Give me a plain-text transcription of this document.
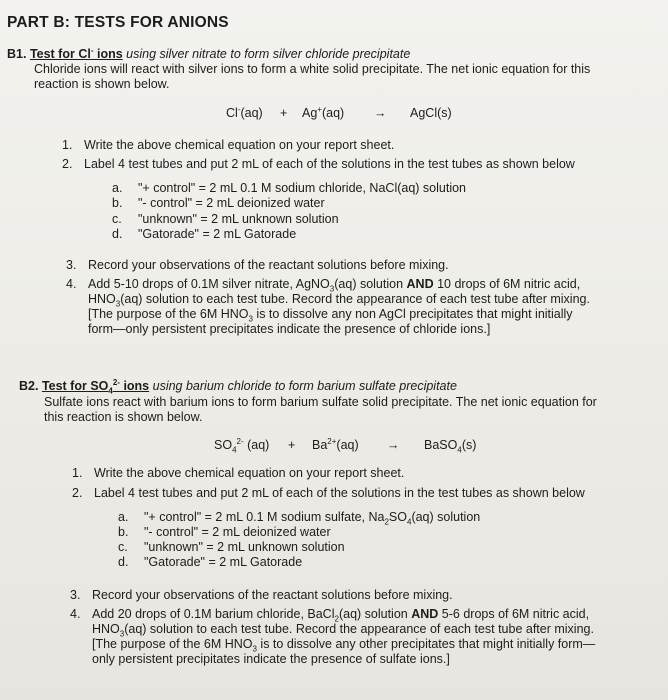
PART B: TESTS FOR ANIONS
B1. Test for Cl- ions using silver nitrate to form silver chloride precipitate
Chloride ions will react with silver ions to form a white solid precipitate. The net ionic equation for this
reaction is shown below.
Cl-(aq) + Ag+(aq) → AgCl(s)
1. Write the above chemical equation on your report sheet.
2. Label 4 test tubes and put 2 mL of each of the solutions in the test tubes as shown below
a. "+ control" = 2 mL 0.1 M sodium chloride, NaCl(aq) solution
b. "- control" = 2 mL deionized water
c. "unknown" = 2 mL unknown solution
d. "Gatorade" = 2 mL Gatorade
3. Record your observations of the reactant solutions before mixing.
4. Add 5-10 drops of 0.1M silver nitrate, AgNO$_3$(aq) solution AND 10 drops of 6M nitric acid,
$HNO_3(aq)$ solution to each test tube. Record the appearance of each test tube after mixing.
[The purpose of the 6M $HNO_3$ is to dissolve any non AgCl precipitates that might initially
form—only persistent precipitates indicate the presence of chloride ions.]
B2. Test for $SO_4^{2-}$ ions using barium chloride to form barium sulfate precipitate
Sulfate ions react with barium ions to form barium sulfate solid precipitate. The net ionic equation for
this reaction is shown below.
$SO_4^{2-}$ $(aq) + Ba^{2+}(aq)$ → BaSO$_4$(s)
1. Write the above chemical equation on your report sheet.
2. Label 4 test tubes and put 2 mL of each of the solutions in the test tubes as shown below
a. "+ control" = 2 mL 0.1 M sodium sulfate, $Na_2SO_4(aq)$ solution
b. "- control" = 2 mL deionized water
c. "unknown" = 2 mL unknown solution
d. "Gatorade" = 2 mL Gatorade
3. Record your observations of the reactant solutions before mixing.
4. Add 20 drops of 0.1M barium chloride, BaCl$_2$(aq) solution AND 5-6 drops of 6M nitric acid,
$HNO_3(aq)$ solution to each test tube. Record the appearance of each test tube after mixing.
[The purpose of the 6M $HNO_3$ is to dissolve any other precipitates that might initially form—
only persistent precipitates indicate the presence of sulfate ions.]
